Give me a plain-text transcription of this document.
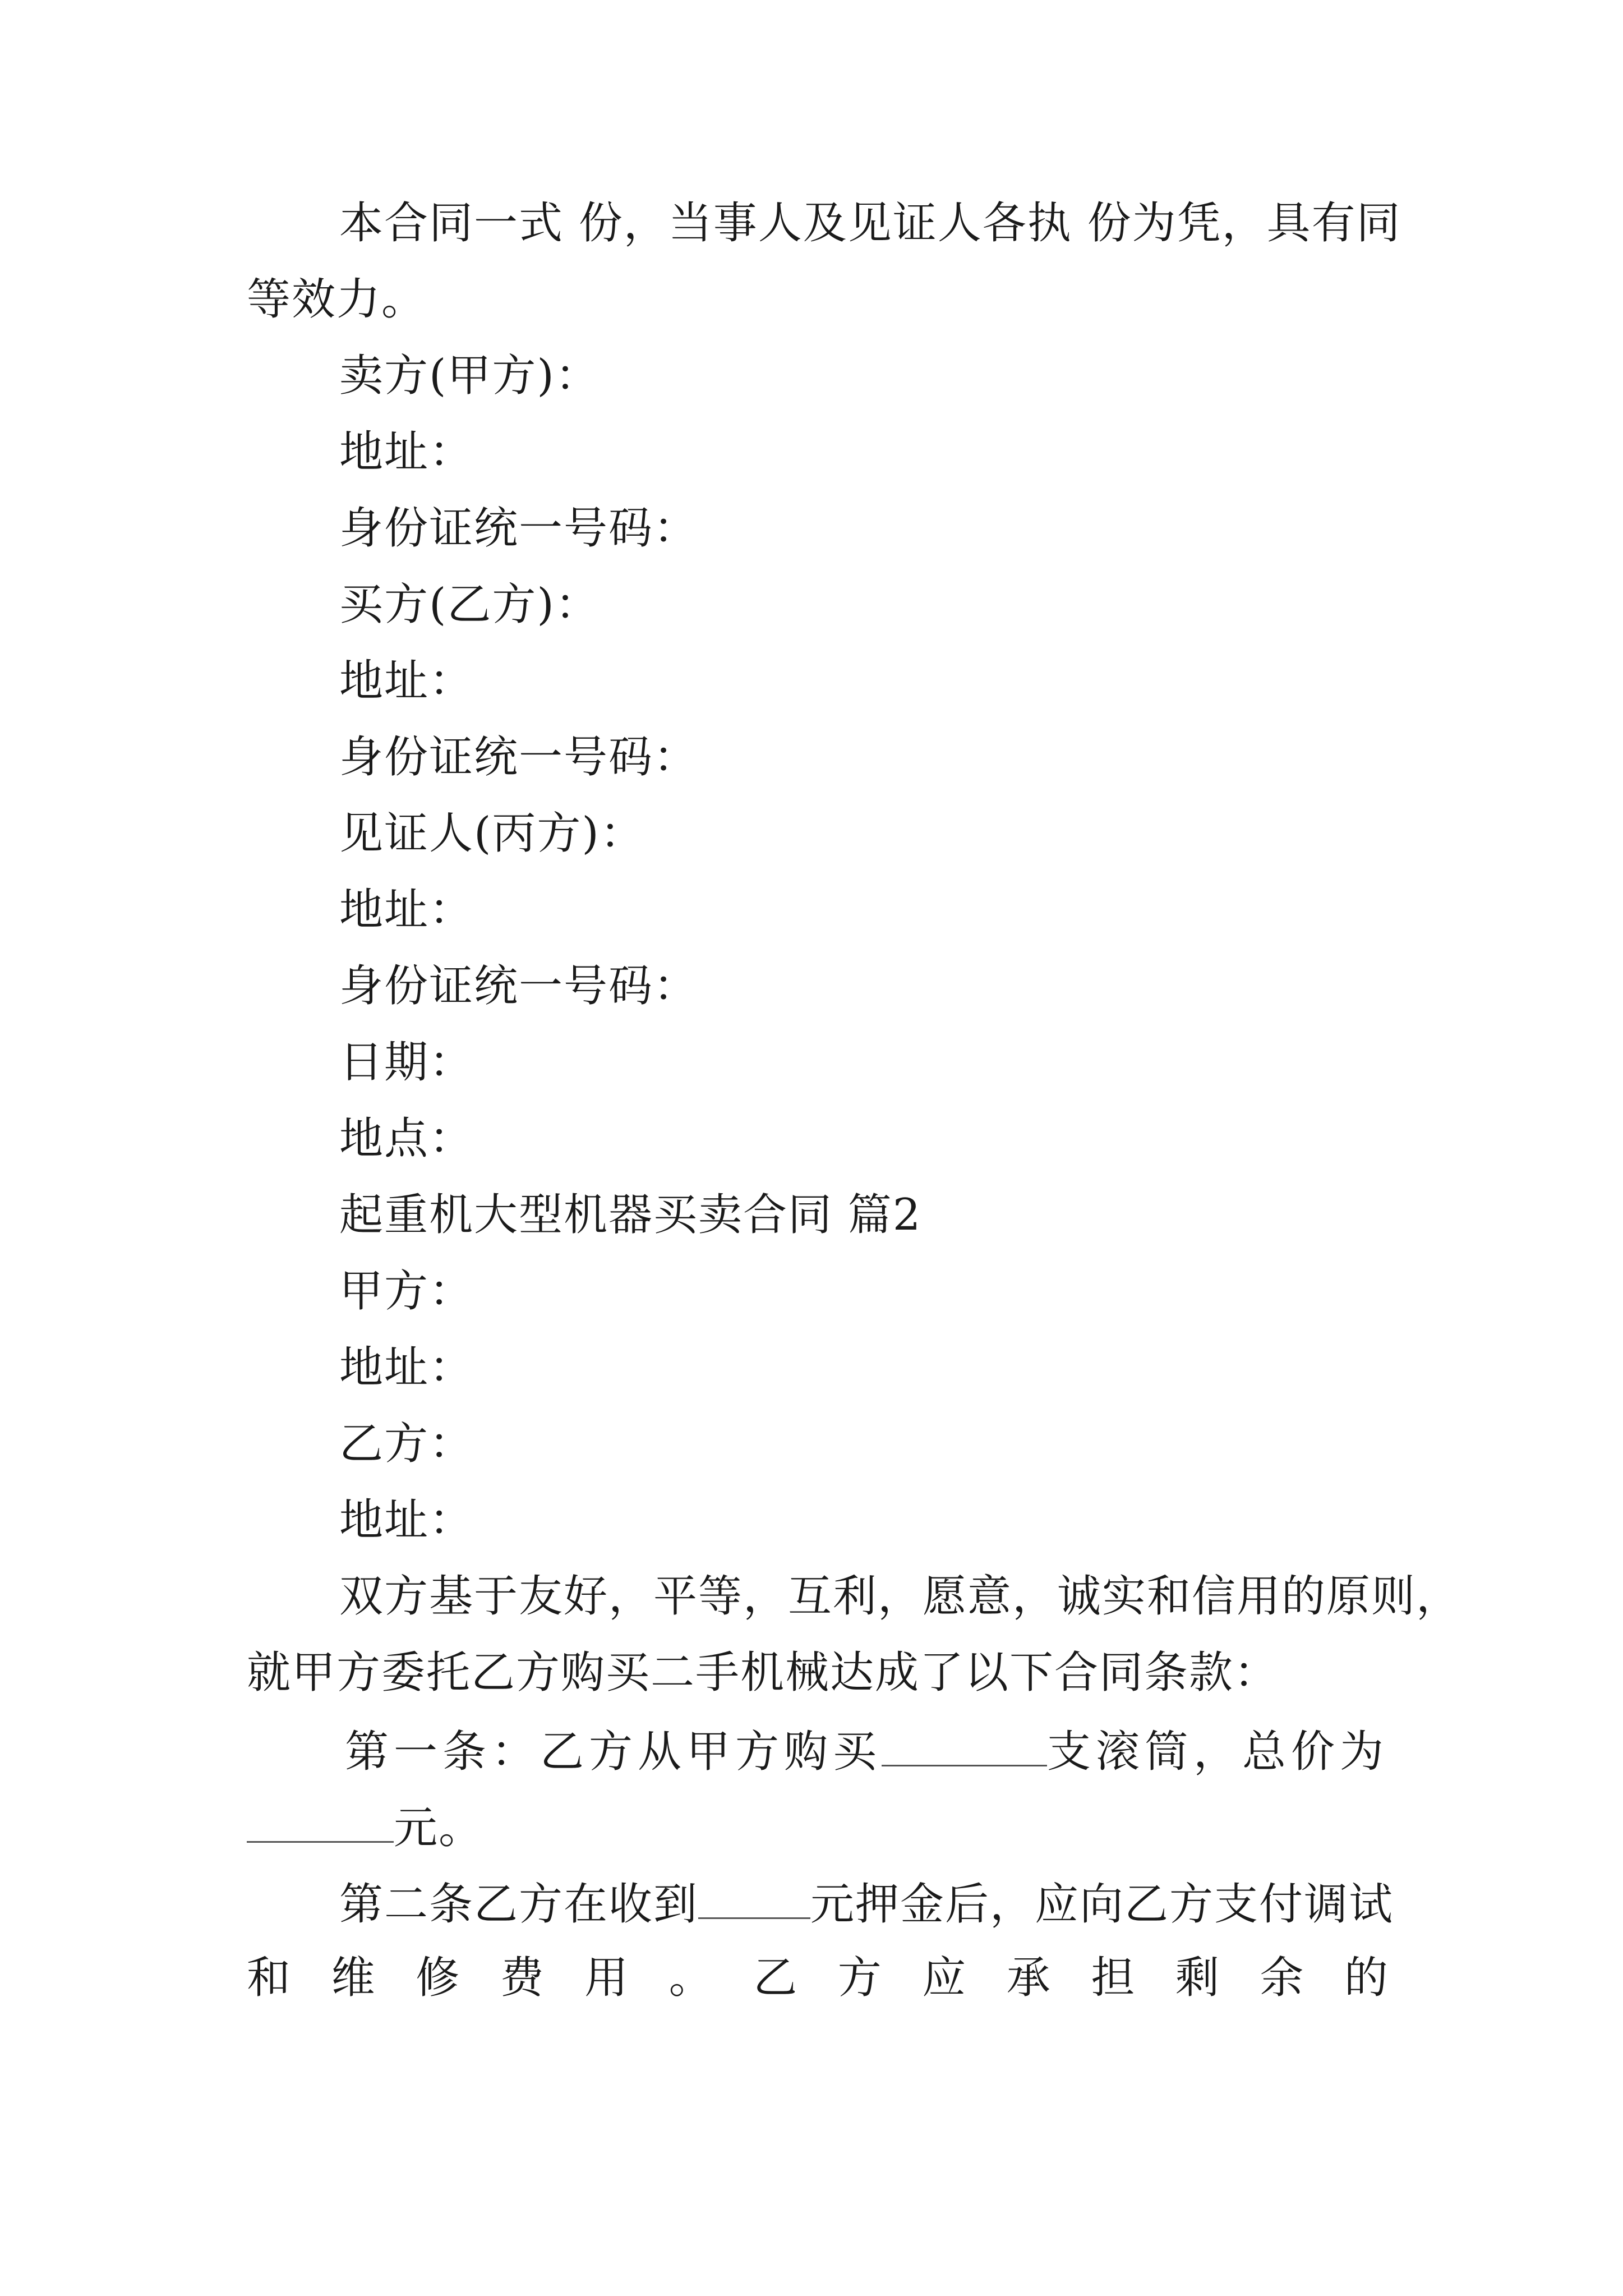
本合同一式 份，当事人及见证人各执 份为凭，具有同
等效力。
卖方(甲方)：
地址：
身份证统一号码：
买方(乙方)：
地址：
身份证统一号码：
见证人(丙方)：
地址：
身份证统一号码：
日期：
地点：
起重机大型机器买卖合同 篇2
甲方：
地址：
乙方：
地址：
双方基于友好，平等，互利，愿意，诚实和信用的原则，
就甲方委托乙方购买二手机械达成了以下合同条款：
第一条：乙方从甲方购买	支滚筒，总价为
元。
第二条乙方在收到	元押金后，应向乙方支付调试
和 维 修 费 用 。 乙 方 应 承 担 剩 余 的
